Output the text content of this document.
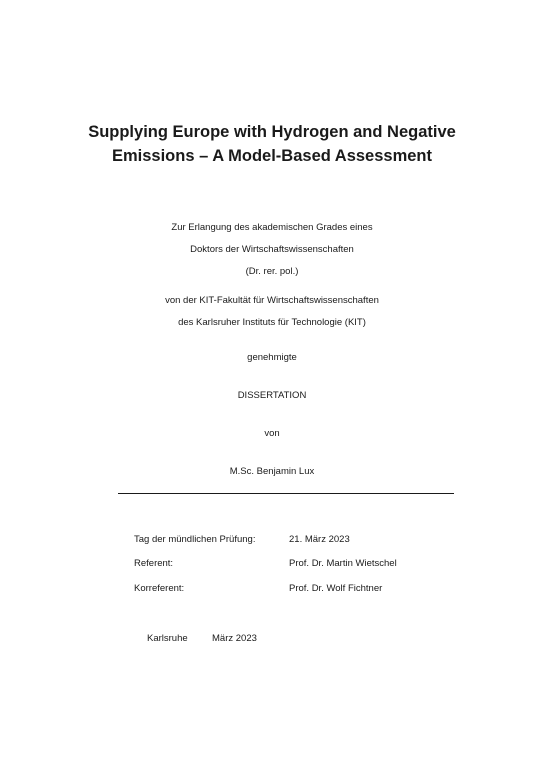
Supplying Europe with Hydrogen and Negative
Emissions – A Model-Based Assessment
Zur Erlangung des akademischen Grades eines
Doktors der Wirtschaftswissenschaften
(Dr. rer. pol.)
von der KIT-Fakultät für Wirtschaftswissenschaften
des Karlsruher Instituts für Technologie (KIT)
genehmigte
DISSERTATION
von
M.Sc. Benjamin Lux
Tag der mündlichen Prüfung:	21. März 2023
Referent:	Prof. Dr. Martin Wietschel
Korreferent:	Prof. Dr. Wolf Fichtner
Karlsruhe	März 2023
